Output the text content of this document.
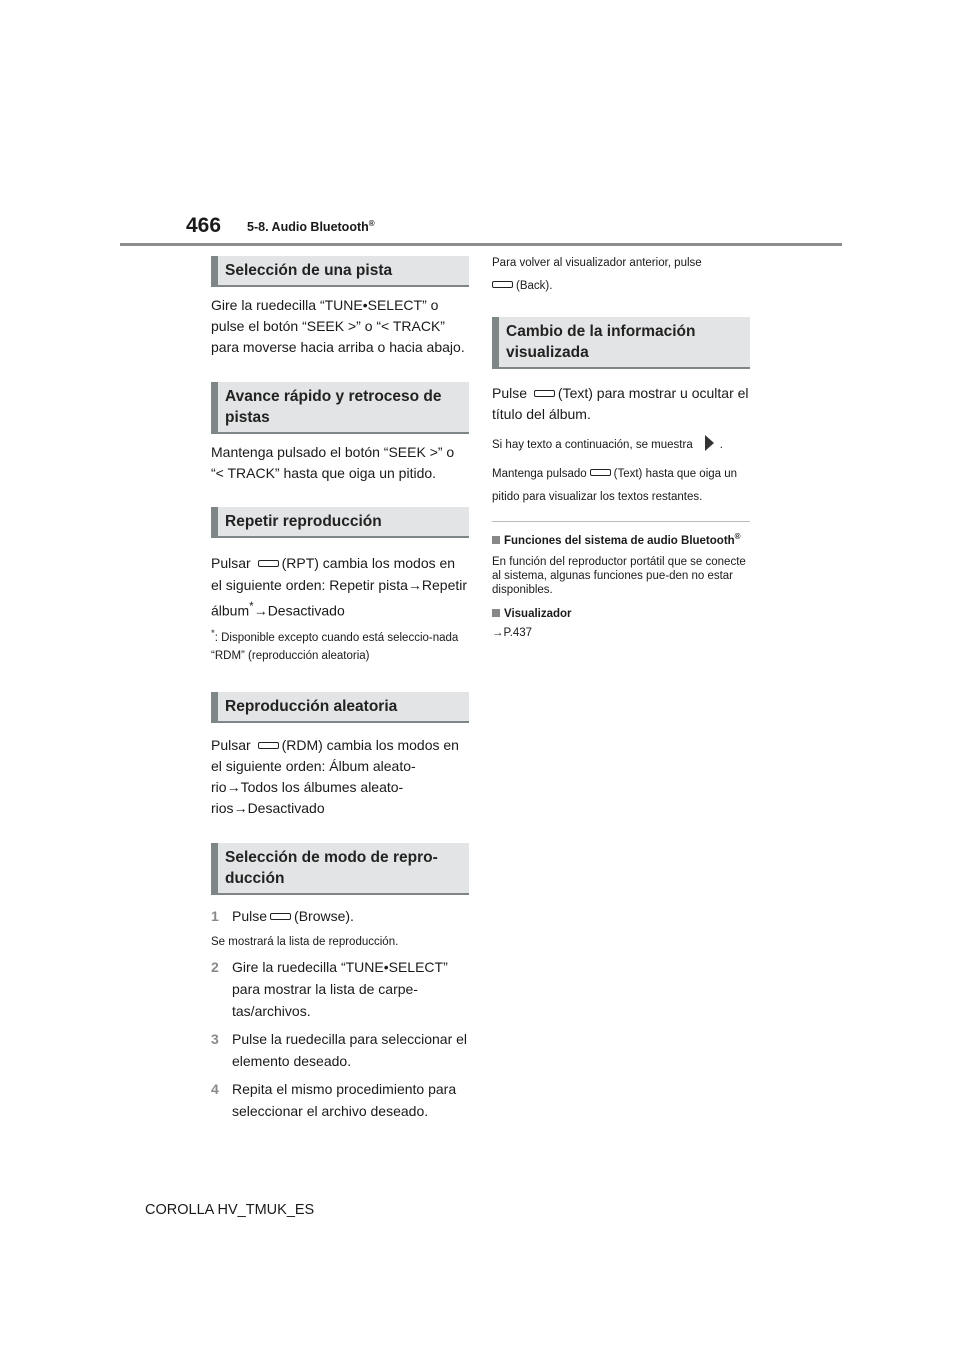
466 5-8. Audio Bluetooth®
Selección de una pista

Gire la ruedecilla “TUNE•SELECT” o pulse el botón “SEEK >” o “< TRACK” para moverse hacia arriba o hacia abajo.

Avance rápido y retroceso de pistas

Mantenga pulsado el botón “SEEK >” o “< TRACK” hasta que oiga un pitido.

Repetir reproducción

Pulsar (RPT) cambia los modos en el siguiente orden: Repetir pista→Repetir álbum*→Desactivado

*: Disponible excepto cuando está seleccio-nada “RDM” (reproducción aleatoria)

Reproducción aleatoria

Pulsar (RDM) cambia los modos en el siguiente orden: Álbum aleato-rio→Todos los álbumes aleato-rios→Desactivado

Selección de modo de repro-ducción
1 Pulse (Browse).

Se mostrará la lista de reproducción.

2 Gire la ruedecilla “TUNE•SELECT” para mostrar la lista de carpe-tas/archivos.
3 Pulse la ruedecilla para seleccionar el elemento deseado.
4 Repita el mismo procedimiento para seleccionar el archivo deseado.

Para volver al visualizador anterior, pulse

(Back).

Cambio de la información visualizada

Pulse (Text) para mostrar u ocultar el título del álbum.

Si hay texto a continuación, se muestra .

Mantenga pulsado (Text) hasta que oiga un pitido para visualizar los textos restantes.

Funciones del sistema de audio Bluetooth®

En función del reproductor portátil que se conecte al sistema, algunas funciones pue-den no estar disponibles.

Visualizador

→P.437

COROLLA HV_TMUK_ES
